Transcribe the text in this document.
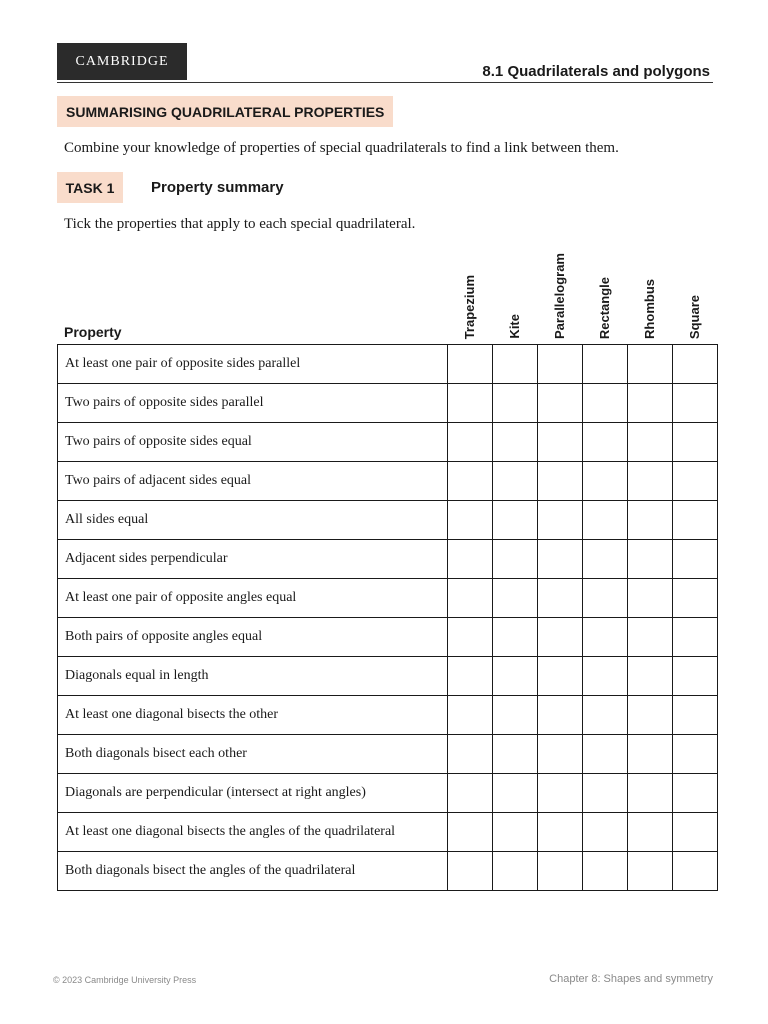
CAMBRIDGE
8.1 Quadrilaterals and polygons
SUMMARISING QUADRILATERAL PROPERTIES
Combine your knowledge of properties of special quadrilaterals to find a link between them.
TASK 1	Property summary
Tick the properties that apply to each special quadrilateral.
Property	Trapezium Kite Parallelogram Rectangle Rhombus Square
At least one pair of opposite sides parallel						
Two pairs of opposite sides parallel						
Two pairs of opposite sides equal						
Two pairs of adjacent sides equal						
All sides equal						
Adjacent sides perpendicular						
At least one pair of opposite angles equal						
Both pairs of opposite angles equal						
Diagonals equal in length						
At least one diagonal bisects the other						
Both diagonals bisect each other						
Diagonals are perpendicular (intersect at right angles)						
At least one diagonal bisects the angles of the quadrilateral						
Both diagonals bisect the angles of the quadrilateral						
© 2023 Cambridge University Press	Chapter 8: Shapes and symmetry
